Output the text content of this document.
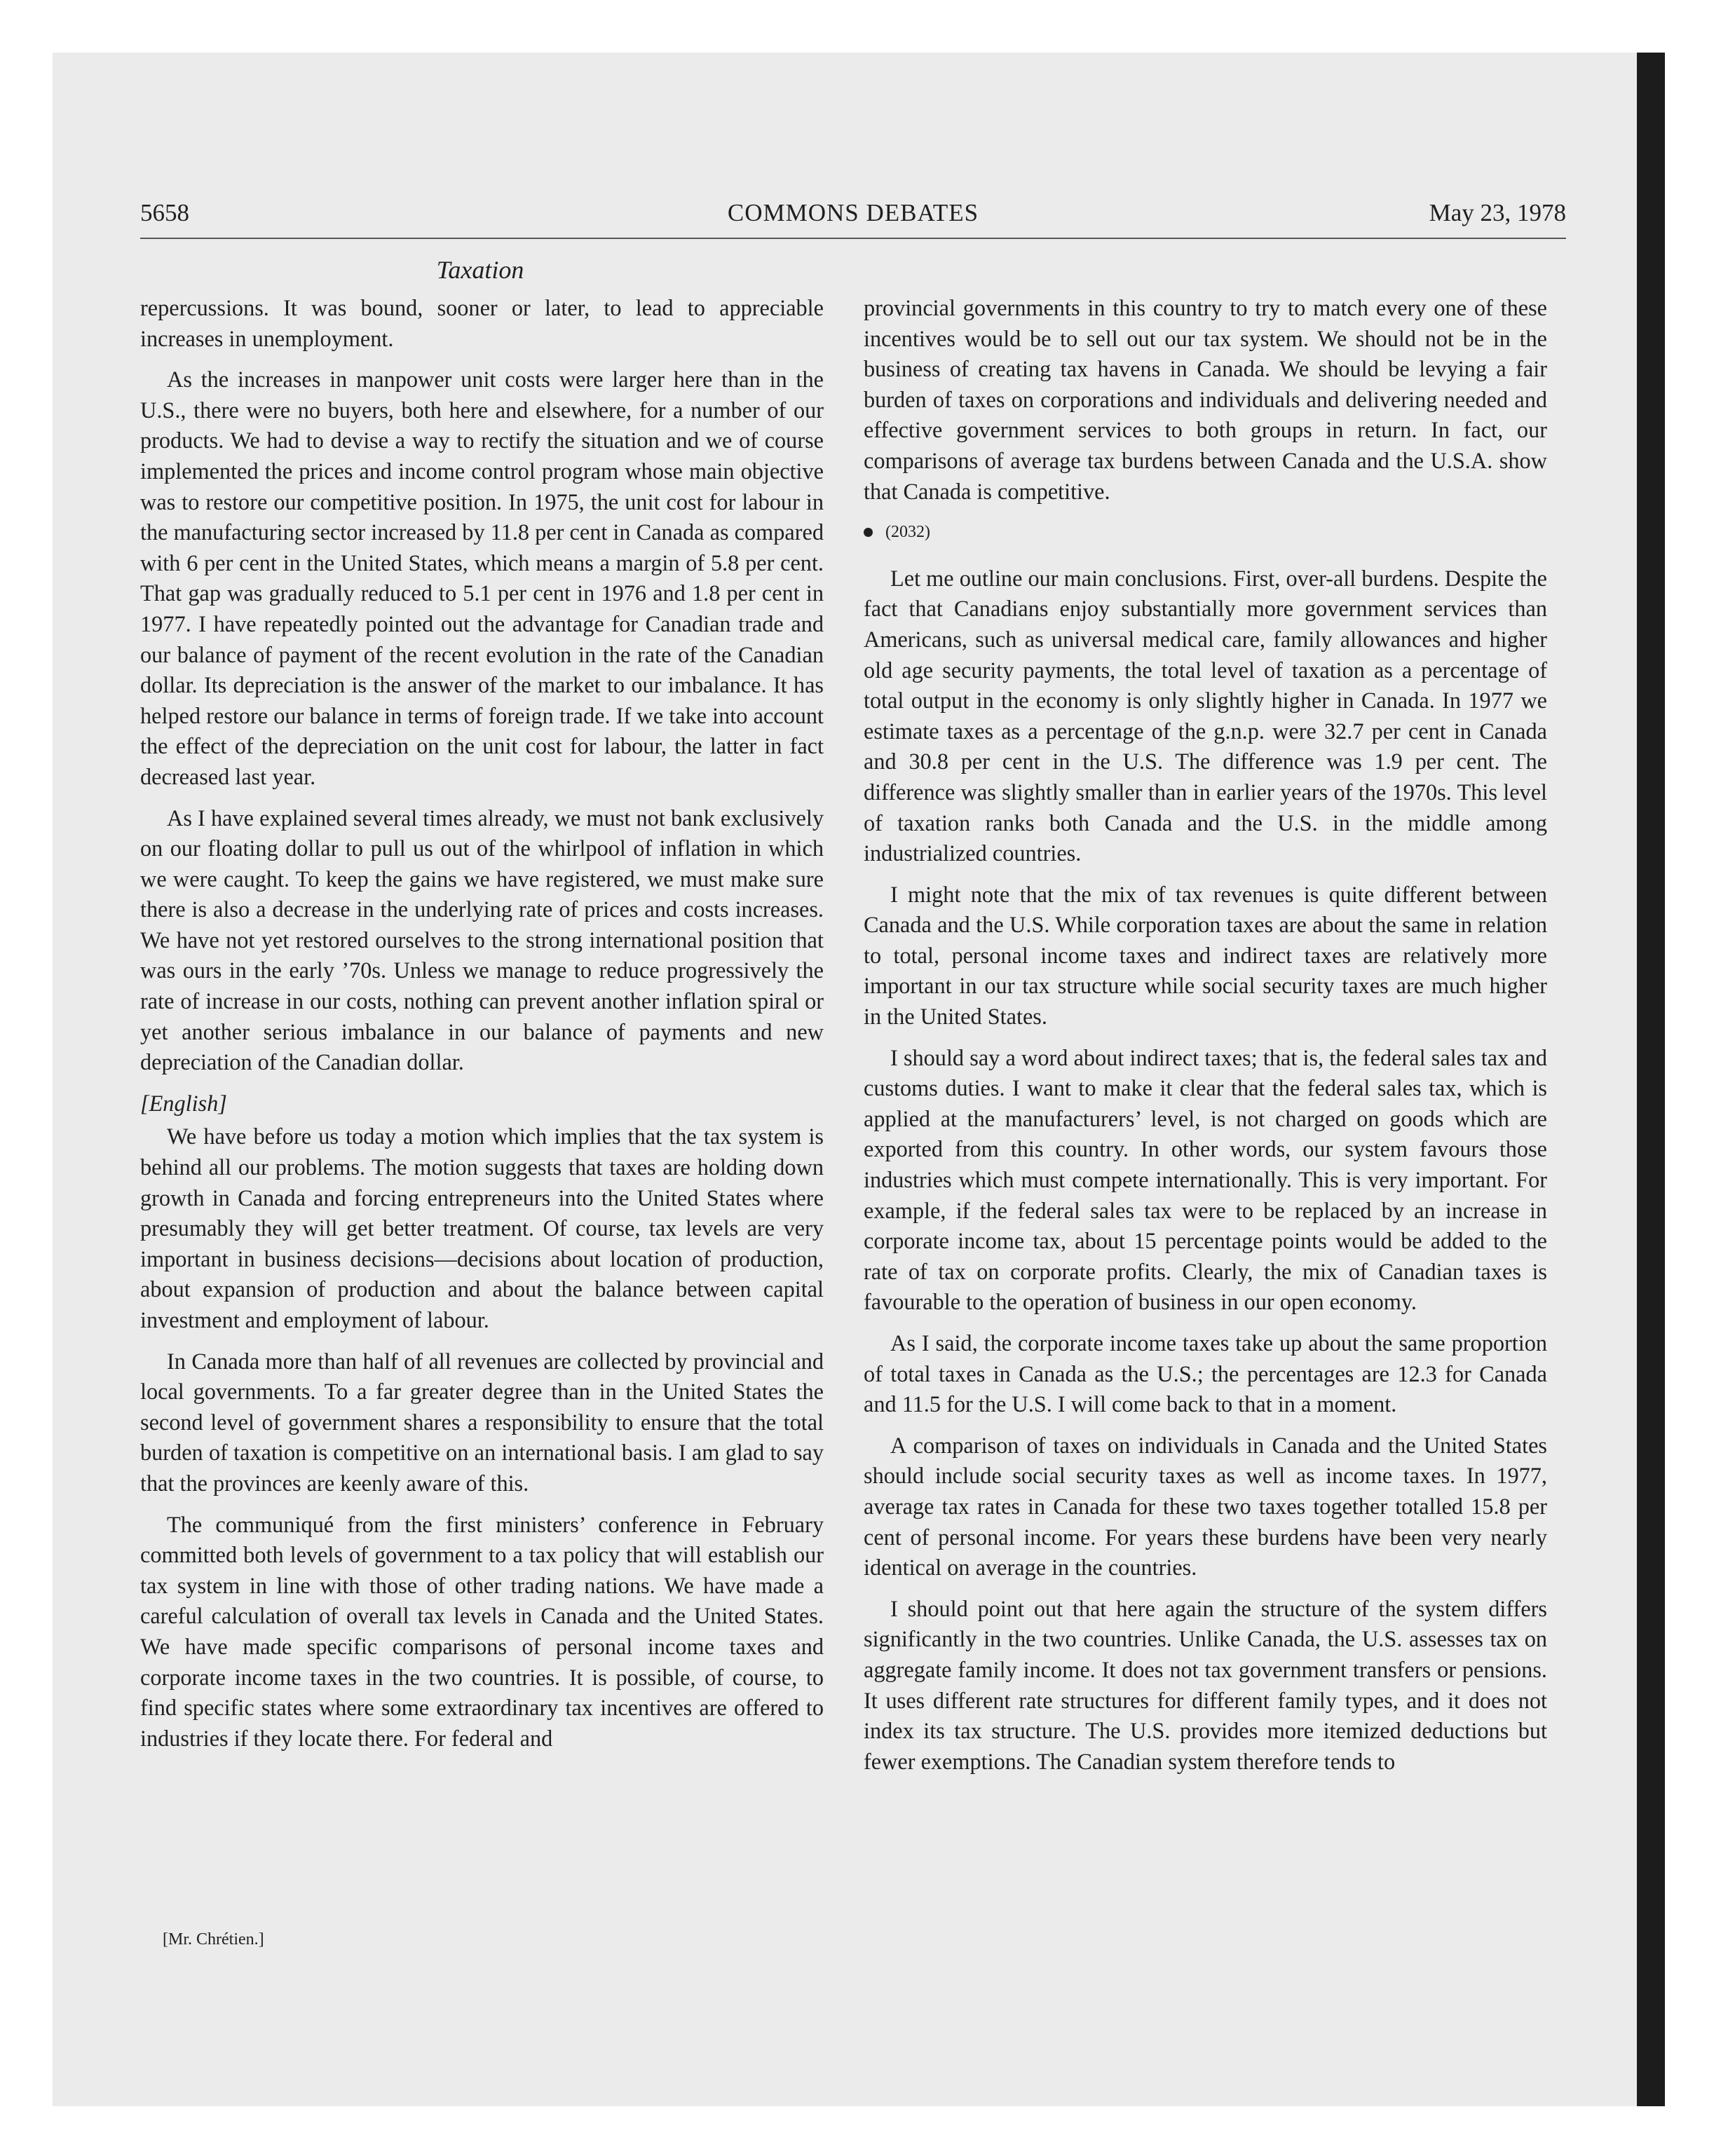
5658	COMMONS DEBATES	May 23, 1978
Taxation

repercussions. It was bound, sooner or later, to lead to appreciable increases in unemployment.

As the increases in manpower unit costs were larger here than in the U.S., there were no buyers, both here and elsewhere, for a number of our products. We had to devise a way to rectify the situation and we of course implemented the prices and income control program whose main objective was to restore our competitive position. In 1975, the unit cost for labour in the manufacturing sector increased by 11.8 per cent in Canada as compared with 6 per cent in the United States, which means a margin of 5.8 per cent. That gap was gradually reduced to 5.1 per cent in 1976 and 1.8 per cent in 1977. I have repeatedly pointed out the advantage for Canadian trade and our balance of payment of the recent evolution in the rate of the Canadian dollar. Its depreciation is the answer of the market to our imbalance. It has helped restore our balance in terms of foreign trade. If we take into account the effect of the depreciation on the unit cost for labour, the latter in fact decreased last year.

As I have explained several times already, we must not bank exclusively on our floating dollar to pull us out of the whirlpool of inflation in which we were caught. To keep the gains we have registered, we must make sure there is also a decrease in the underlying rate of prices and costs increases. We have not yet restored ourselves to the strong international position that was ours in the early ’70s. Unless we manage to reduce progressively the rate of increase in our costs, nothing can prevent another inflation spiral or yet another serious imbalance in our balance of payments and new depreciation of the Canadian dollar.

[English]

We have before us today a motion which implies that the tax system is behind all our problems. The motion suggests that taxes are holding down growth in Canada and forcing entrepreneurs into the United States where presumably they will get better treatment. Of course, tax levels are very important in business decisions—decisions about location of production, about expansion of production and about the balance between capital investment and employment of labour.

In Canada more than half of all revenues are collected by provincial and local governments. To a far greater degree than in the United States the second level of government shares a responsibility to ensure that the total burden of taxation is competitive on an international basis. I am glad to say that the provinces are keenly aware of this.

The communiqué from the first ministers’ conference in February committed both levels of government to a tax policy that will establish our tax system in line with those of other trading nations. We have made a careful calculation of overall tax levels in Canada and the United States. We have made specific comparisons of personal income taxes and corporate income taxes in the two countries. It is possible, of course, to find specific states where some extraordinary tax incentives are offered to industries if they locate there. For federal and

provincial governments in this country to try to match every one of these incentives would be to sell out our tax system. We should not be in the business of creating tax havens in Canada. We should be levying a fair burden of taxes on corporations and individuals and delivering needed and effective government services to both groups in return. In fact, our comparisons of average tax burdens between Canada and the U.S.A. show that Canada is competitive.

(2032)

Let me outline our main conclusions. First, over-all burdens. Despite the fact that Canadians enjoy substantially more government services than Americans, such as universal medical care, family allowances and higher old age security payments, the total level of taxation as a percentage of total output in the economy is only slightly higher in Canada. In 1977 we estimate taxes as a percentage of the g.n.p. were 32.7 per cent in Canada and 30.8 per cent in the U.S. The difference was 1.9 per cent. The difference was slightly smaller than in earlier years of the 1970s. This level of taxation ranks both Canada and the U.S. in the middle among industrialized countries.

I might note that the mix of tax revenues is quite different between Canada and the U.S. While corporation taxes are about the same in relation to total, personal income taxes and indirect taxes are relatively more important in our tax structure while social security taxes are much higher in the United States.

I should say a word about indirect taxes; that is, the federal sales tax and customs duties. I want to make it clear that the federal sales tax, which is applied at the manufacturers’ level, is not charged on goods which are exported from this country. In other words, our system favours those industries which must compete internationally. This is very important. For example, if the federal sales tax were to be replaced by an increase in corporate income tax, about 15 percentage points would be added to the rate of tax on corporate profits. Clearly, the mix of Canadian taxes is favourable to the operation of business in our open economy.

As I said, the corporate income taxes take up about the same proportion of total taxes in Canada as the U.S.; the percentages are 12.3 for Canada and 11.5 for the U.S. I will come back to that in a moment.

A comparison of taxes on individuals in Canada and the United States should include social security taxes as well as income taxes. In 1977, average tax rates in Canada for these two taxes together totalled 15.8 per cent of personal income. For years these burdens have been very nearly identical on average in the countries.

I should point out that here again the structure of the system differs significantly in the two countries. Unlike Canada, the U.S. assesses tax on aggregate family income. It does not tax government transfers or pensions. It uses different rate structures for different family types, and it does not index its tax structure. The U.S. provides more itemized deductions but fewer exemptions. The Canadian system therefore tends to

[Mr. Chrétien.]
